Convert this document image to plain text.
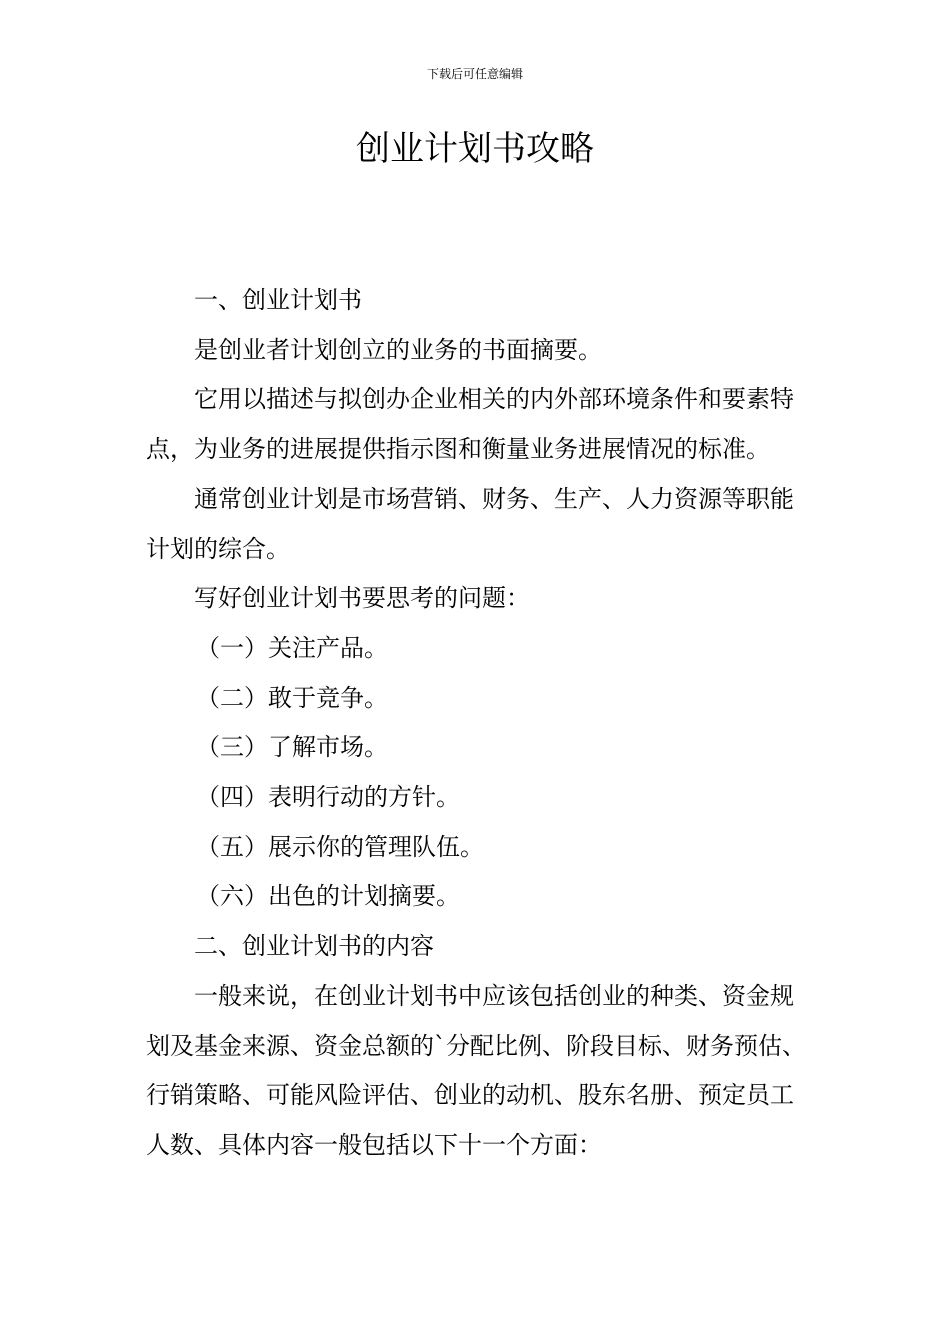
下载后可任意编辑
创业计划书攻略

一、创业计划书

是创业者计划创立的业务的书面摘要。

它用以描述与拟创办企业相关的内外部环境条件和要素特点，为业务的进展提供指示图和衡量业务进展情况的标准。

通常创业计划是市场营销、财务、生产、人力资源等职能计划的综合。

写好创业计划书要思考的问题：

（一）关注产品。

（二）敢于竞争。

（三）了解市场。

（四）表明行动的方针。

（五）展示你的管理队伍。

（六）出色的计划摘要。

二、创业计划书的内容

一般来说，在创业计划书中应该包括创业的种类、资金规划及基金来源、资金总额的`分配比例、阶段目标、财务预估、行销策略、可能风险评估、创业的动机、股东名册、预定员工人数、具体内容一般包括以下十一个方面：
